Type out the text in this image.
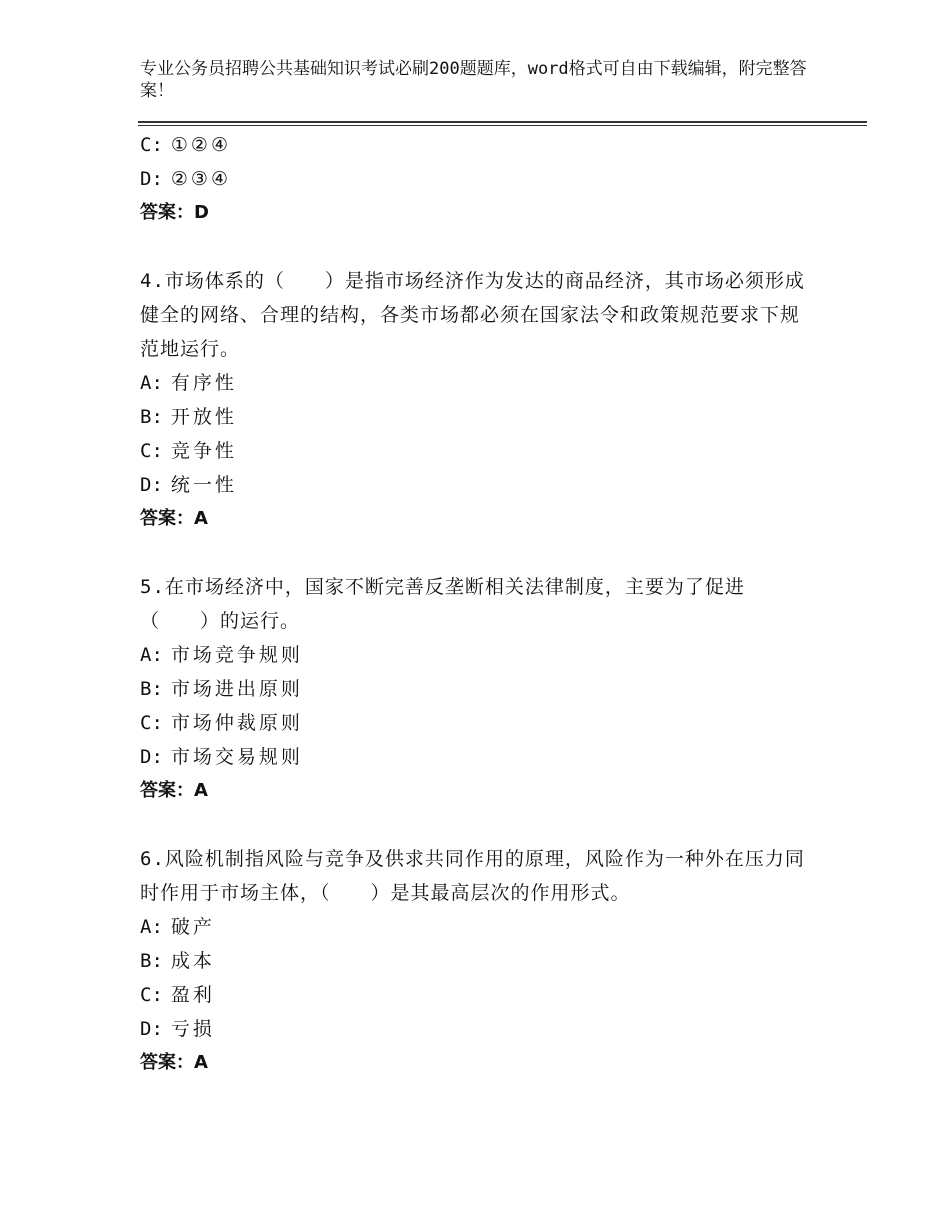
专业公务员招聘公共基础知识考试必刷200题题库，word格式可自由下载编辑，附完整答案！
C: ①②④
D: ②③④
答案：D
4.市场体系的（　　）是指市场经济作为发达的商品经济，其市场必须形成健全的网络、合理的结构，各类市场都必须在国家法令和政策规范要求下规范地运行。
A: 有序性
B: 开放性
C: 竞争性
D: 统一性
答案：A
5.在市场经济中，国家不断完善反垄断相关法律制度，主要为了促进（　　）的运行。
A: 市场竞争规则
B: 市场进出原则
C: 市场仲裁原则
D: 市场交易规则
答案：A
6.风险机制指风险与竞争及供求共同作用的原理，风险作为一种外在压力同时作用于市场主体，（　　）是其最高层次的作用形式。
A: 破产
B: 成本
C: 盈利
D: 亏损
答案：A
